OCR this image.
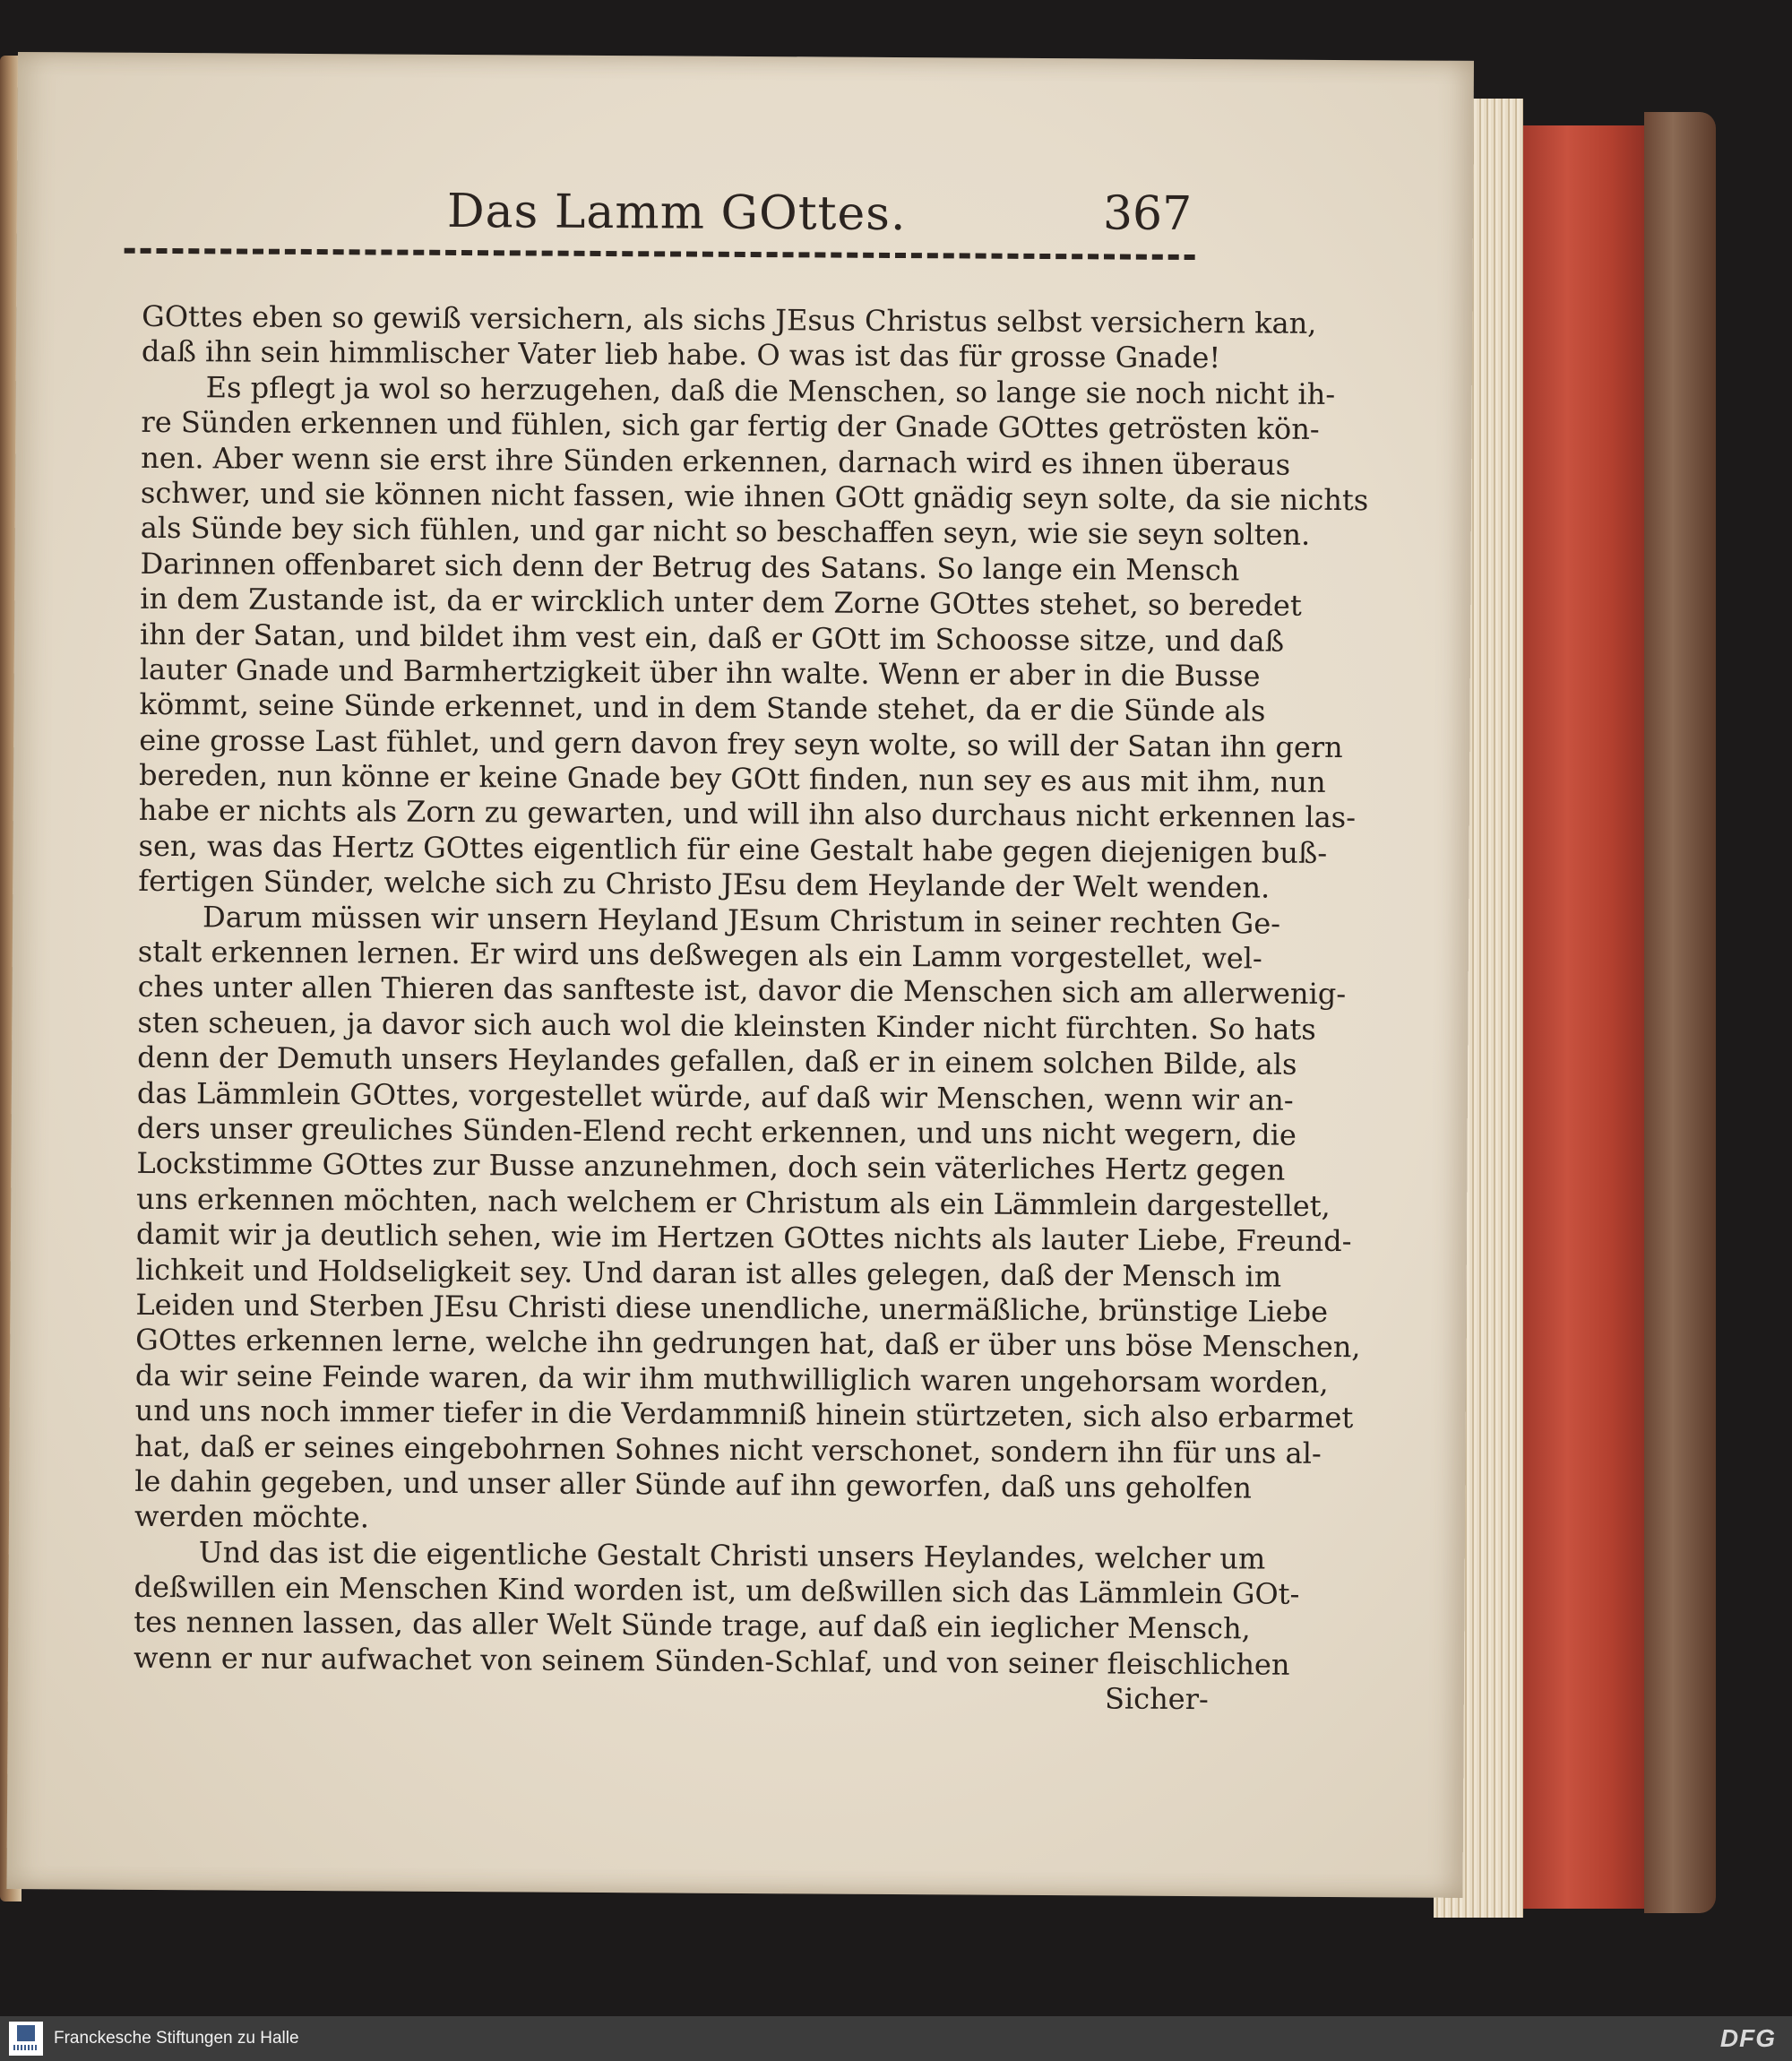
Das Lamm GOttes.	367
GOttes eben so gewiß versichern, als sichs JEsus Christus selbst versichern kan,
daß ihn sein himmlischer Vater lieb habe. O was ist das für grosse Gnade!
Es pflegt ja wol so herzugehen, daß die Menschen, so lange sie noch nicht ih-
re Sünden erkennen und fühlen, sich gar fertig der Gnade GOttes getrösten kön-
nen. Aber wenn sie erst ihre Sünden erkennen, darnach wird es ihnen überaus
schwer, und sie können nicht fassen, wie ihnen GOtt gnädig seyn solte, da sie nichts
als Sünde bey sich fühlen, und gar nicht so beschaffen seyn, wie sie seyn solten.
Darinnen offenbaret sich denn der Betrug des Satans. So lange ein Mensch
in dem Zustande ist, da er wircklich unter dem Zorne GOttes stehet, so beredet
ihn der Satan, und bildet ihm vest ein, daß er GOtt im Schoosse sitze, und daß
lauter Gnade und Barmhertzigkeit über ihn walte. Wenn er aber in die Busse
kömmt, seine Sünde erkennet, und in dem Stande stehet, da er die Sünde als
eine grosse Last fühlet, und gern davon frey seyn wolte, so will der Satan ihn gern
bereden, nun könne er keine Gnade bey GOtt finden, nun sey es aus mit ihm, nun
habe er nichts als Zorn zu gewarten, und will ihn also durchaus nicht erkennen las-
sen, was das Hertz GOttes eigentlich für eine Gestalt habe gegen diejenigen buß-
fertigen Sünder, welche sich zu Christo JEsu dem Heylande der Welt wenden.
Darum müssen wir unsern Heyland JEsum Christum in seiner rechten Ge-
stalt erkennen lernen. Er wird uns deßwegen als ein Lamm vorgestellet, wel-
ches unter allen Thieren das sanfteste ist, davor die Menschen sich am allerwenig-
sten scheuen, ja davor sich auch wol die kleinsten Kinder nicht fürchten. So hats
denn der Demuth unsers Heylandes gefallen, daß er in einem solchen Bilde, als
das Lämmlein GOttes, vorgestellet würde, auf daß wir Menschen, wenn wir an-
ders unser greuliches Sünden-Elend recht erkennen, und uns nicht wegern, die
Lockstimme GOttes zur Busse anzunehmen, doch sein väterliches Hertz gegen
uns erkennen möchten, nach welchem er Christum als ein Lämmlein dargestellet,
damit wir ja deutlich sehen, wie im Hertzen GOttes nichts als lauter Liebe, Freund-
lichkeit und Holdseligkeit sey. Und daran ist alles gelegen, daß der Mensch im
Leiden und Sterben JEsu Christi diese unendliche, unermäßliche, brünstige Liebe
GOttes erkennen lerne, welche ihn gedrungen hat, daß er über uns böse Menschen,
da wir seine Feinde waren, da wir ihm muthwilliglich waren ungehorsam worden,
und uns noch immer tiefer in die Verdammniß hinein stürtzeten, sich also erbarmet
hat, daß er seines eingebohrnen Sohnes nicht verschonet, sondern ihn für uns al-
le dahin gegeben, und unser aller Sünde auf ihn geworfen, daß uns geholfen
werden möchte.
Und das ist die eigentliche Gestalt Christi unsers Heylandes, welcher um
deßwillen ein Menschen Kind worden ist, um deßwillen sich das Lämmlein GOt-
tes nennen lassen, das aller Welt Sünde trage, auf daß ein ieglicher Mensch,
wenn er nur aufwachet von seinem Sünden-Schlaf, und von seiner fleischlichen
Sicher-
Franckesche Stiftungen zu Halle	DFG
